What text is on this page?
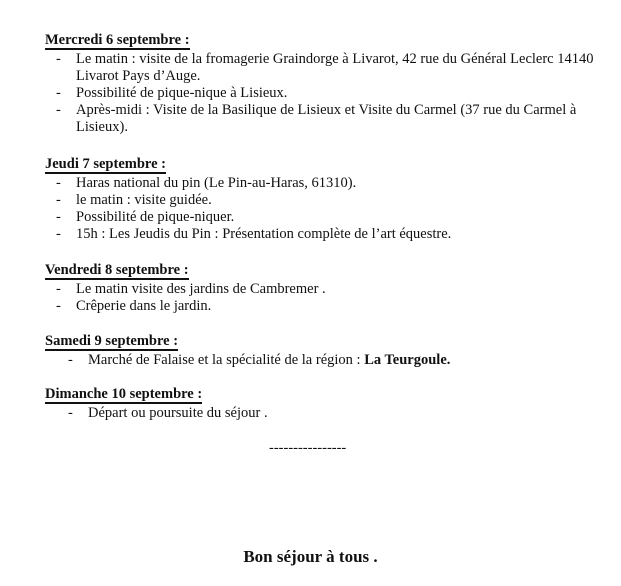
Mercredi 6 septembre :
- Le matin : visite de la fromagerie Graindorge à Livarot, 42 rue du Général Leclerc 14140 Livarot Pays d’Auge.
- Possibilité de pique-nique à Lisieux.
- Après-midi : Visite de la Basilique de Lisieux et Visite du Carmel (37 rue du Carmel à Lisieux).
Jeudi 7 septembre :
- Haras national du pin (Le Pin-au-Haras, 61310).
- le matin : visite guidée.
- Possibilité de pique-niquer.
- 15h : Les Jeudis du Pin : Présentation complète de l’art équestre.
Vendredi 8 septembre :
- Le matin visite des jardins de Cambremer .
- Crêperie dans le jardin.
Samedi 9 septembre :
- Marché de Falaise et la spécialité de la région : La Teurgoule.
Dimanche 10 septembre :
- Départ ou poursuite du séjour .
----------------
Bon séjour à tous .
